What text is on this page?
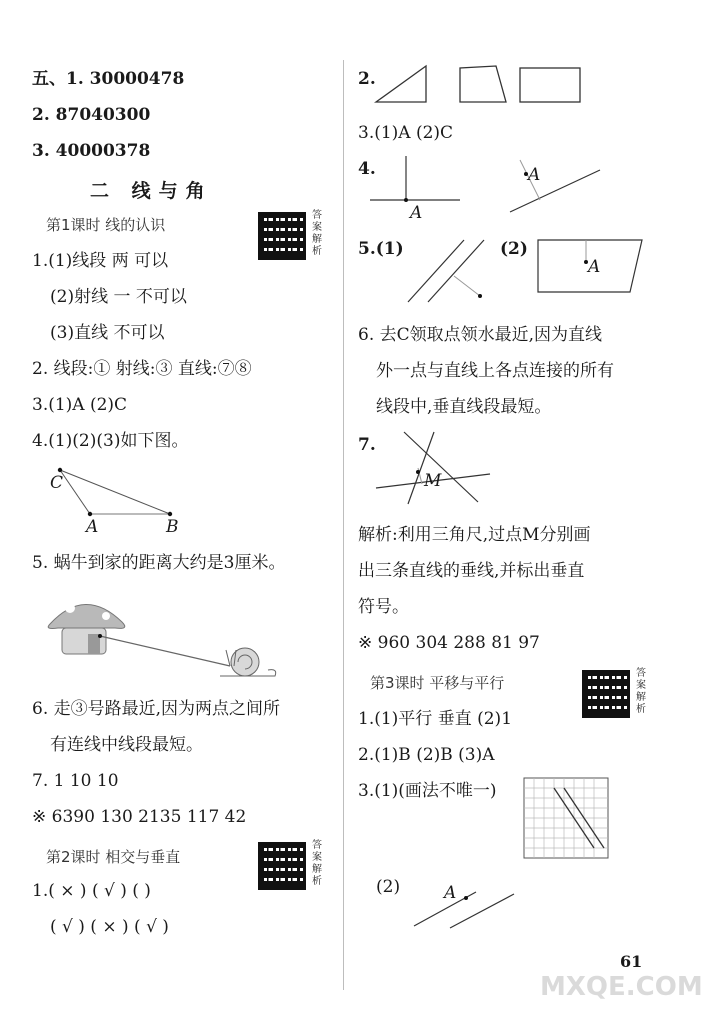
五、1. 30000478
2. 87040300
3. 40000378
二 线与角
第1课时 线的认识
答案解析
1.(1)线段 两 可以
(2)射线 一 不可以
(3)直线 不可以
2. 线段:① 射线:③ 直线:⑦⑧
3.(1)A (2)C
4.(1)(2)(3)如下图。
C
A	B
5. 蜗牛到家的距离大约是3厘米。
6. 走③号路最近,因为两点之间所
有连线中线段最短。
7. 1 10 10
※ 6390 130 2135 117 42
第2课时 相交与垂直
答案解析
1.( × ) ( √ ) ( )
( √ ) ( × ) ( √ )
2.
3.(1)A (2)C
4.
A
A
5.(1)	(2)
A
6. 去C领取点领水最近,因为直线
外一点与直线上各点连接的所有
线段中,垂直线段最短。
7.
M
解析:利用三角尺,过点M分别画
出三条直线的垂线,并标出垂直
符号。
※ 960 304 288 81 97
第3课时 平移与平行
答案解析
1.(1)平行 垂直 (2)1
2.(1)B (2)B (3)A
3.(1)(画法不唯一)
(2)	A
61
MXQE.COM
